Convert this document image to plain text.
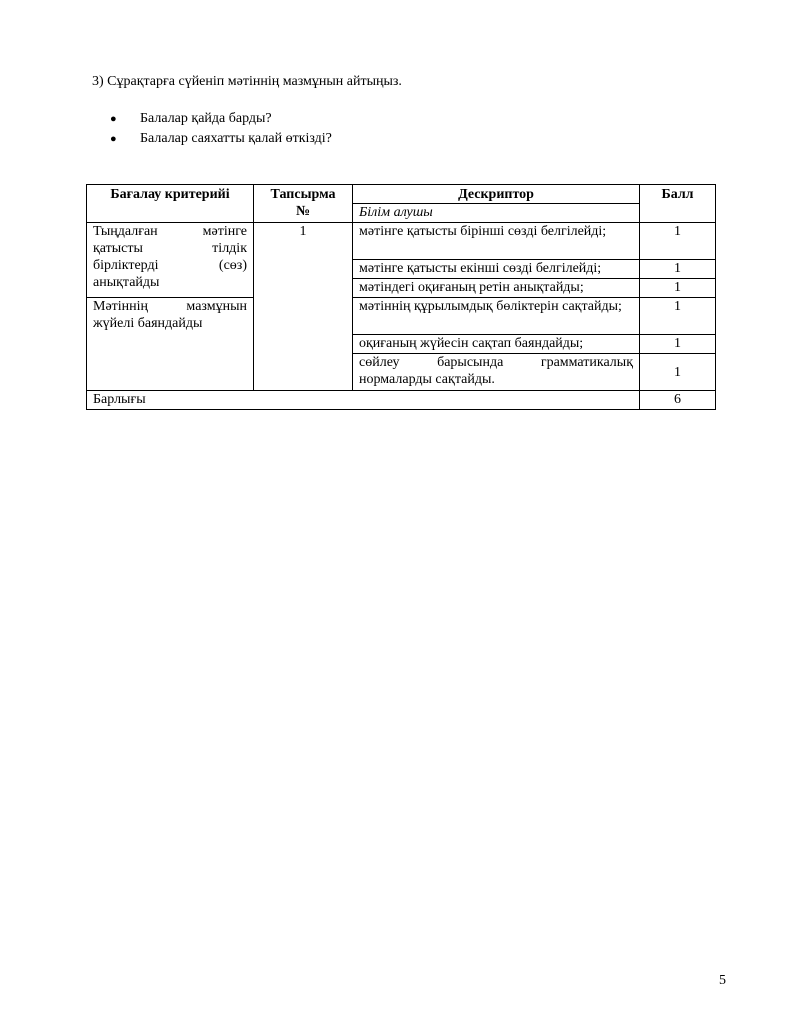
3) Сұрақтарға сүйеніп мәтіннің мазмұнын айтыңыз.
● Балалар қайда барды?
● Балалар саяхатты қалай өткізді?
Бағалау критерийі	Тапсырма №	Дескриптор	Балл
		Білім алушы	
Тыңдалған мәтінге қатысты тілдік бірліктерді (сөз) анықтайды	1	мәтінге қатысты бірінші сөзді белгілейді;	1
		мәтінге қатысты екінші сөзді белгілейді;	1
		мәтіндегі оқиғаның ретін анықтайды;	1
Мәтіннің мазмұнын жүйелі баяндайды		мәтіннің құрылымдық бөліктерін сақтайды;	1
		оқиғаның жүйесін сақтап баяндайды;	1
		сөйлеу барысында грамматикалық нормаларды сақтайды.	1
Барлығы			6
5
